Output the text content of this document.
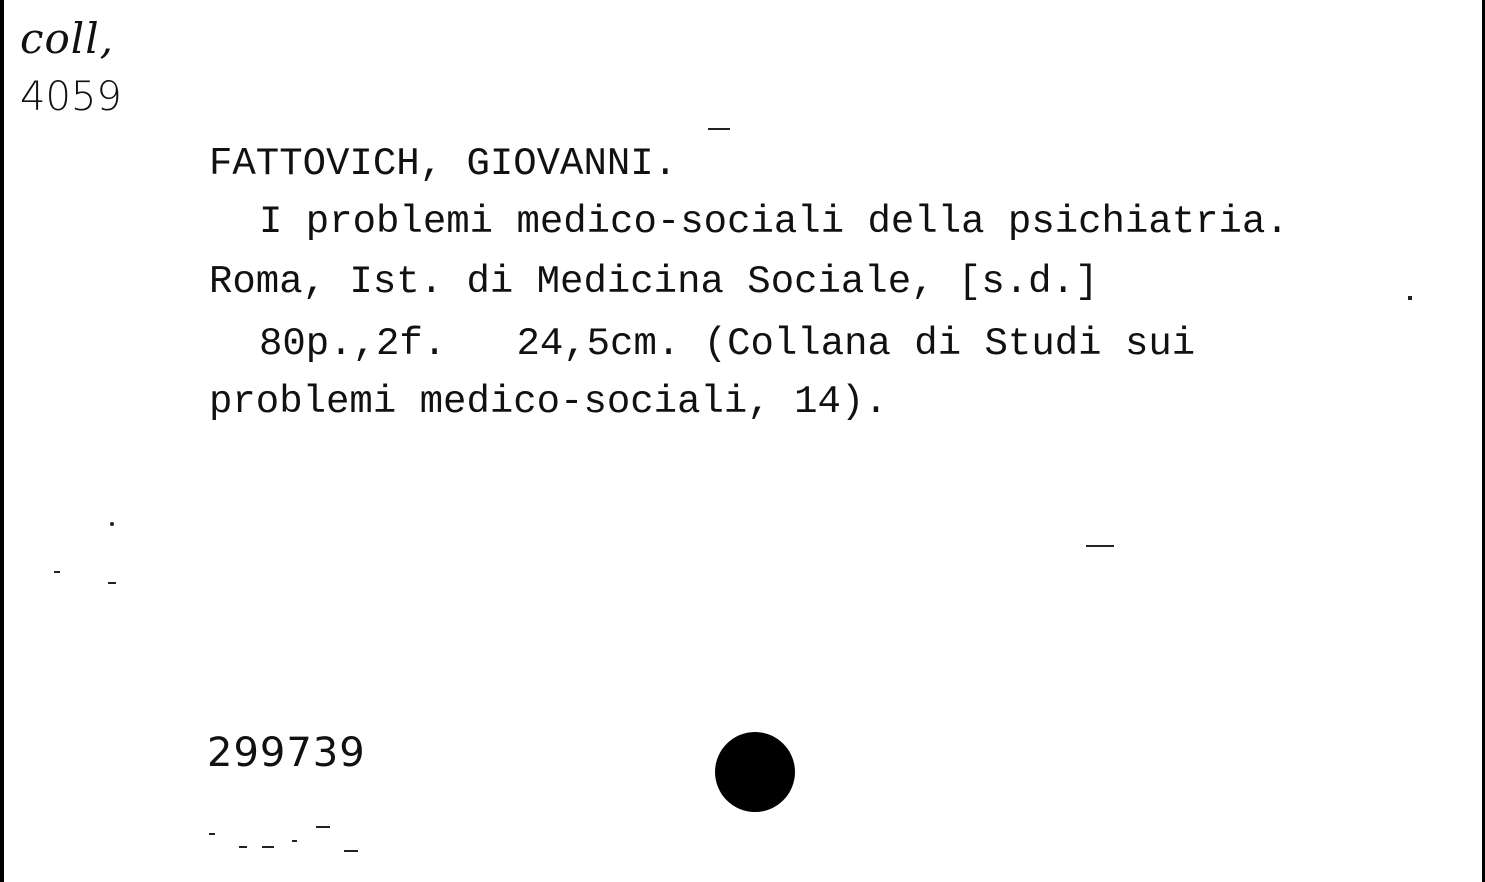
coll,
4059
FATTOVICH, GIOVANNI.
I problemi medico-sociali della psichiatria.
Roma, Ist. di Medicina Sociale, [s.d.]
80p.,2f.   24,5cm. (Collana di Studi sui
problemi medico-sociali, 14).
299739
